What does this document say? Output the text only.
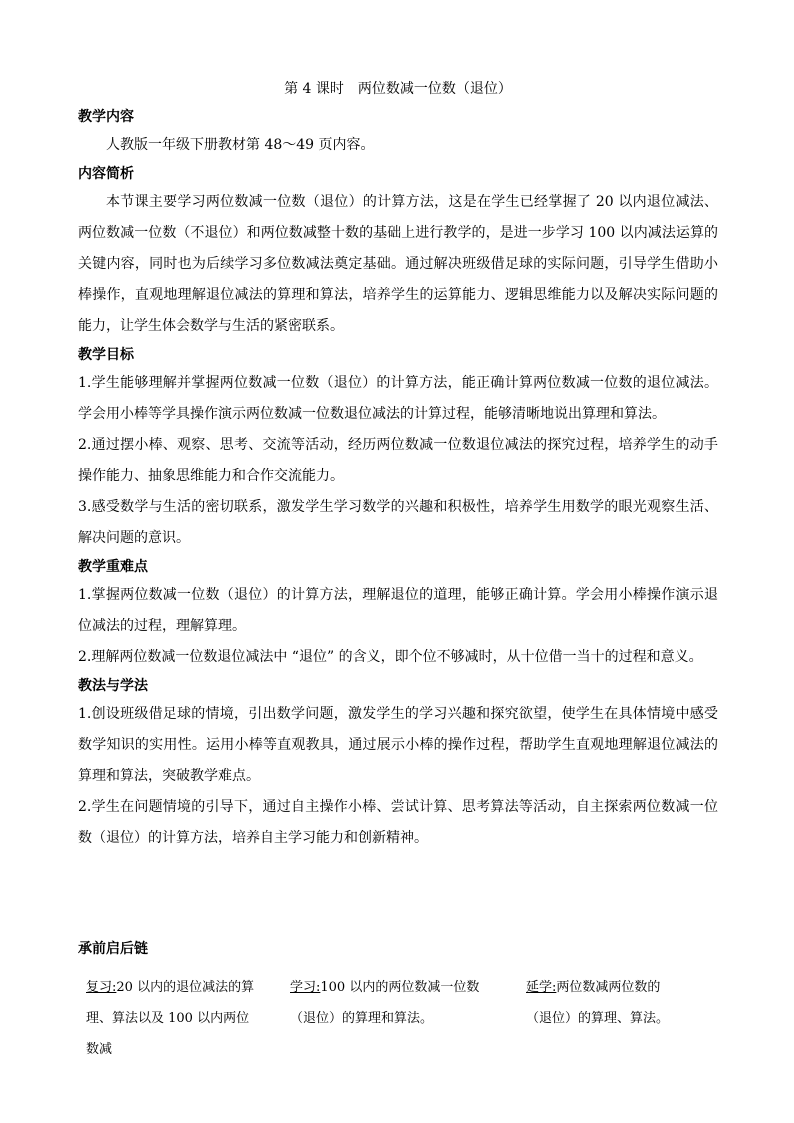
第 4 课时　两位数减一位数（退位）

教学内容

人教版一年级下册教材第 48～49 页内容。

内容简析

本节课主要学习两位数减一位数（退位）的计算方法，这是在学生已经掌握了 20 以内退位减法、两位数减一位数（不退位）和两位数减整十数的基础上进行教学的，是进一步学习 100 以内减法运算的关键内容，同时也为后续学习多位数减法奠定基础。通过解决班级借足球的实际问题，引导学生借助小棒操作，直观地理解退位减法的算理和算法，培养学生的运算能力、逻辑思维能力以及解决实际问题的能力，让学生体会数学与生活的紧密联系。

教学目标

1.学生能够理解并掌握两位数减一位数（退位）的计算方法，能正确计算两位数减一位数的退位减法。学会用小棒等学具操作演示两位数减一位数退位减法的计算过程，能够清晰地说出算理和算法。

2.通过摆小棒、观察、思考、交流等活动，经历两位数减一位数退位减法的探究过程，培养学生的动手操作能力、抽象思维能力和合作交流能力。

3.感受数学与生活的密切联系，激发学生学习数学的兴趣和积极性，培养学生用数学的眼光观察生活、解决问题的意识。

教学重难点

1.掌握两位数减一位数（退位）的计算方法，理解退位的道理，能够正确计算。学会用小棒操作演示退位减法的过程，理解算理。

2.理解两位数减一位数退位减法中 “退位” 的含义，即个位不够减时，从十位借一当十的过程和意义。

教法与学法

1.创设班级借足球的情境，引出数学问题，激发学生的学习兴趣和探究欲望，使学生在具体情境中感受数学知识的实用性。运用小棒等直观教具，通过展示小棒的操作过程，帮助学生直观地理解退位减法的算理和算法，突破教学难点。

2.学生在问题情境的引导下，通过自主操作小棒、尝试计算、思考算法等活动，自主探索两位数减一位数（退位）的计算方法，培养自主学习能力和创新精神。

承前启后链

复习:20 以内的退位减法的算理、算法以及 100 以内两位数减
学习:100 以内的两位数减一位数（退位）的算理和算法。
延学:两位数减两位数的（退位）的算理、算法。
